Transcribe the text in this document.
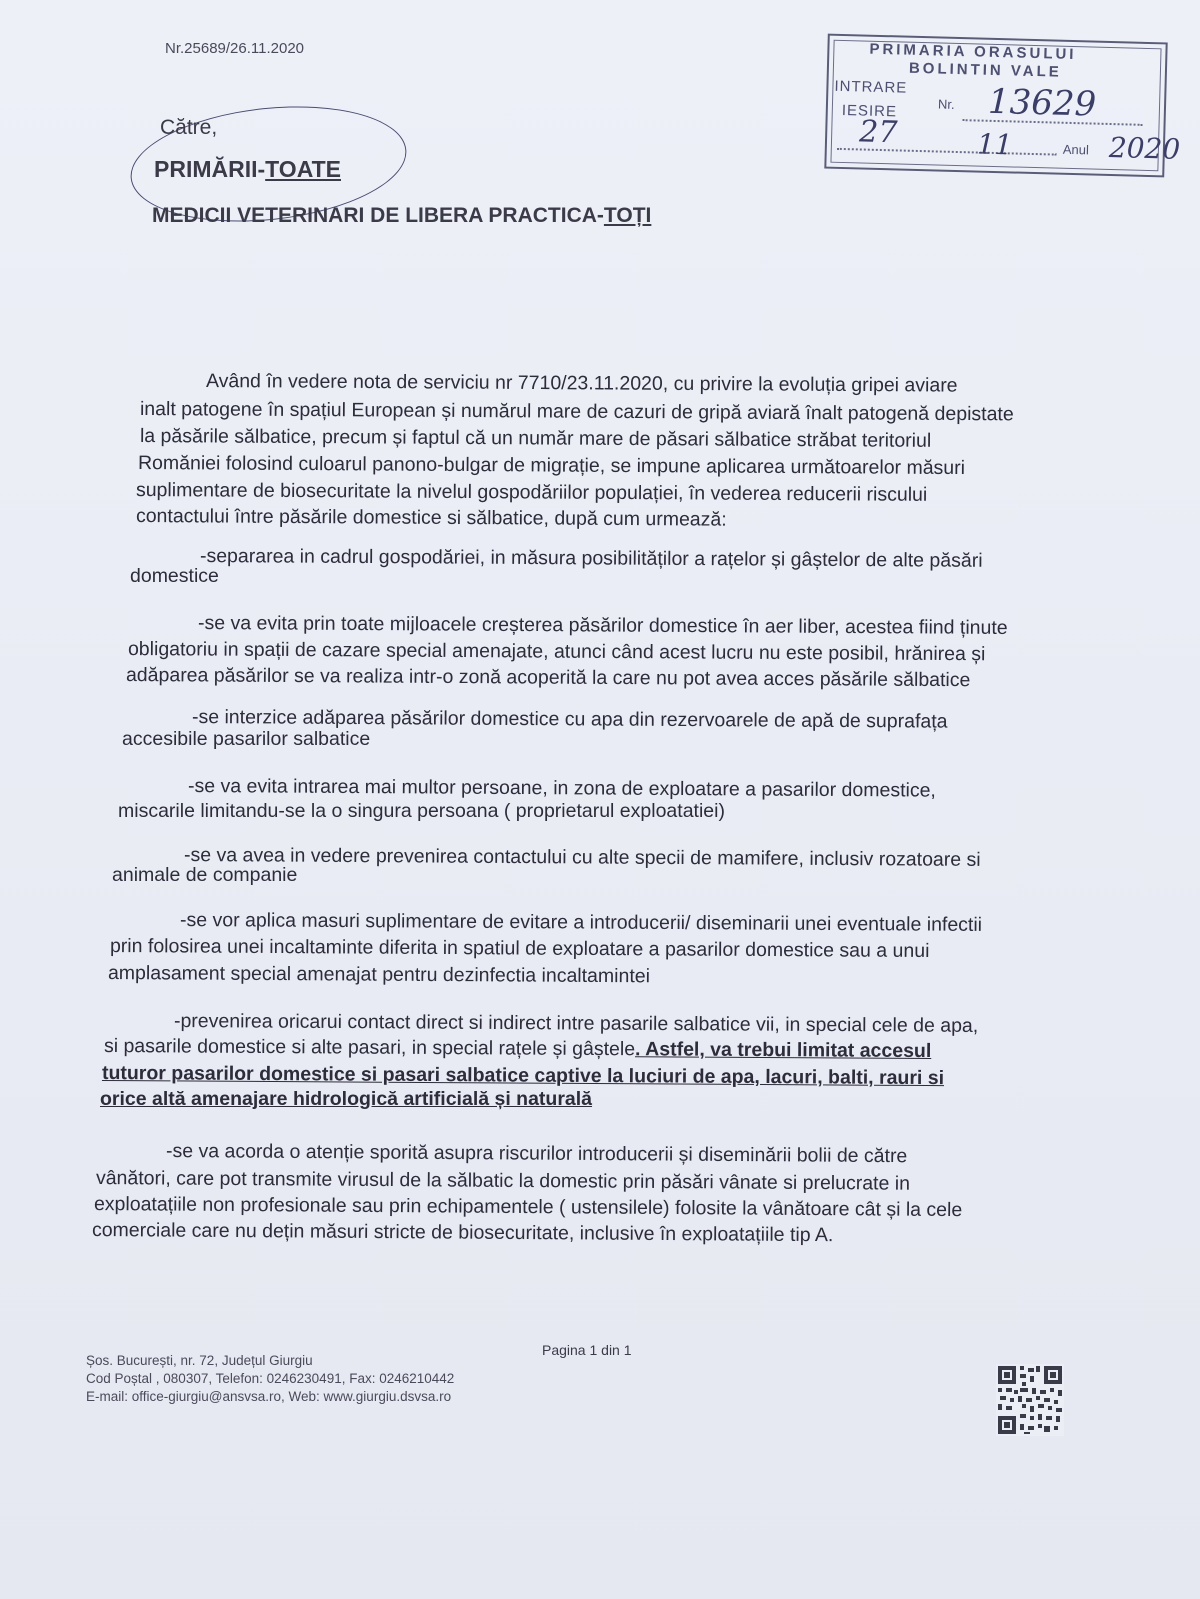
Nr.25689/26.11.2020	PRIMARIA ORASULUI
BOLINTIN VALE
INTRARE
IESIRE	Nr. 13629
27	11	Anul 2020
Către,
PRIMĂRII-TOATE
MEDICII VETERINARI DE LIBERA PRACTICA-TOȚI
Având în vedere nota de serviciu nr 7710/23.11.2020, cu privire la evoluția gripei aviare
inalt patogene în spațiul European și numărul mare de cazuri de gripă aviară înalt patogenă depistate
la păsările sălbatice, precum și faptul că un număr mare de păsari sălbatice străbat teritoriul
Romăniei folosind culoarul panono-bulgar de migrație, se impune aplicarea următoarelor măsuri
suplimentare de biosecuritate la nivelul gospodăriilor populației, în vederea reducerii riscului
contactului între păsările domestice si sălbatice, după cum urmează:
-separarea in cadrul gospodăriei, in măsura posibilităților a rațelor și gâștelor de alte păsări
domestice
-se va evita prin toate mijloacele creșterea păsărilor domestice în aer liber, acestea fiind ținute
obligatoriu in spații de cazare special amenajate, atunci când acest lucru nu este posibil, hrănirea și
adăparea păsărilor se va realiza intr-o zonă acoperită la care nu pot avea acces păsările sălbatice
-se interzice adăparea păsărilor domestice cu apa din rezervoarele de apă de suprafața
accesibile pasarilor salbatice
-se va evita intrarea mai multor persoane, in zona de exploatare a pasarilor domestice,
miscarile limitandu-se la o singura persoana ( proprietarul exploatatiei)
-se va avea in vedere prevenirea contactului cu alte specii de mamifere, inclusiv rozatoare si
animale de companie
-se vor aplica masuri suplimentare de evitare a introducerii/ diseminarii unei eventuale infectii
prin folosirea unei incaltaminte diferita in spatiul de exploatare a pasarilor domestice sau a unui
amplasament special amenajat pentru dezinfectia incaltamintei
-prevenirea oricarui contact direct si indirect intre pasarile salbatice vii, in special cele de apa,
si pasarile domestice si alte pasari, in special rațele și gâștele. Astfel, va trebui limitat accesul
tuturor pasarilor domestice si pasari salbatice captive la luciuri de apa, lacuri, balti, rauri si
orice altă amenajare hidrologică artificială și naturală
-se va acorda o atenție sporită asupra riscurilor introducerii și diseminării bolii de către
vânători, care pot transmite virusul de la sălbatic la domestic prin păsări vânate si prelucrate in
exploatațiile non profesionale sau prin echipamentele ( ustensilele) folosite la vânătoare cât și la cele
comerciale care nu dețin măsuri stricte de biosecuritate, inclusive în exploatațiile tip A.
Pagina 1 din 1
Șos. București, nr. 72, Județul Giurgiu
Cod Poștal , 080307, Telefon: 0246230491, Fax: 0246210442
E-mail: office-giurgiu@ansvsa.ro, Web: www.giurgiu.dsvsa.ro
